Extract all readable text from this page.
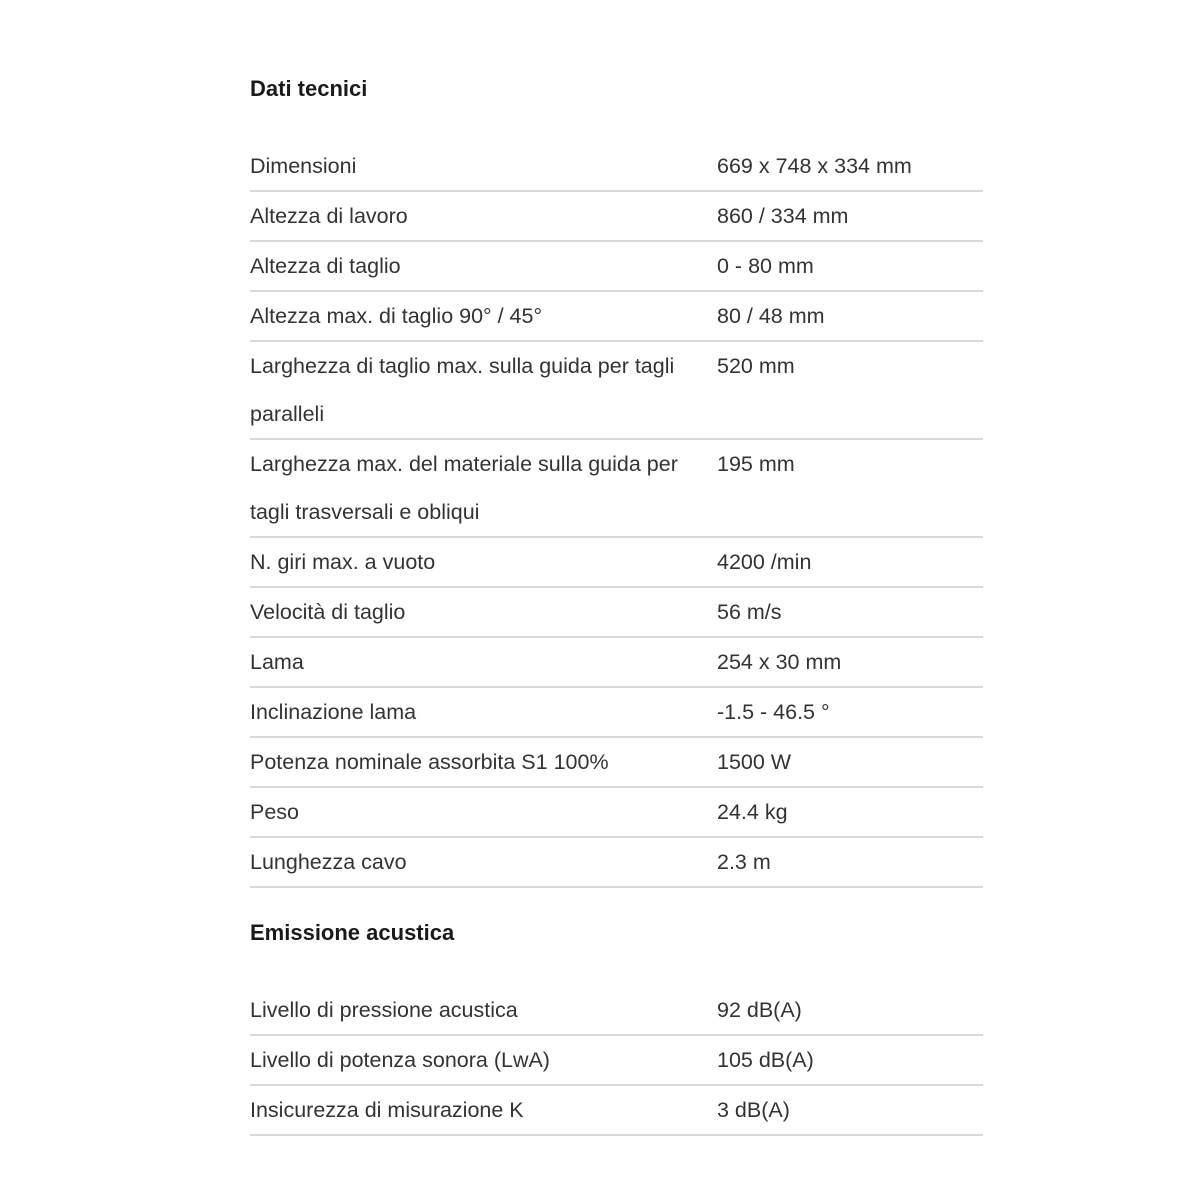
Dati tecnici
Dimensioni	669 x 748 x 334 mm
Altezza di lavoro	860 / 334 mm
Altezza di taglio	0 - 80 mm
Altezza max. di taglio 90° / 45°	80 / 48 mm
Larghezza di taglio max. sulla guida per tagli paralleli	520 mm
Larghezza max. del materiale sulla guida per tagli trasversali e obliqui	195 mm
N. giri max. a vuoto	4200 /min
Velocità di taglio	56 m/s
Lama	254 x 30 mm
Inclinazione lama	-1.5 - 46.5 °
Potenza nominale assorbita S1 100%	1500 W
Peso	24.4 kg
Lunghezza cavo	2.3 m
Emissione acustica
Livello di pressione acustica	92 dB(A)
Livello di potenza sonora (LwA)	105 dB(A)
Insicurezza di misurazione K	3 dB(A)
